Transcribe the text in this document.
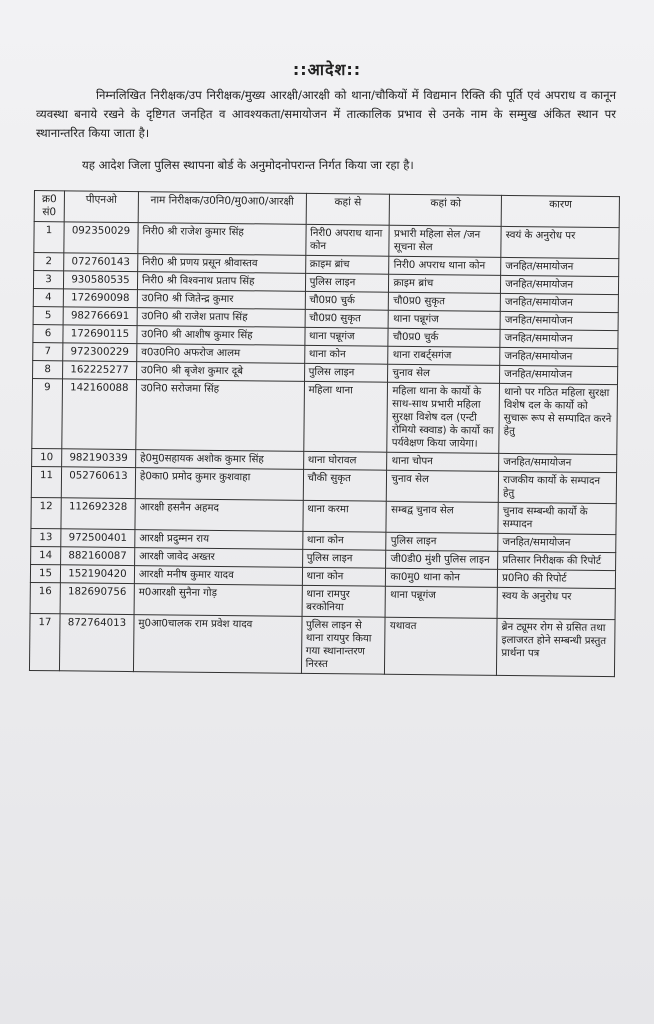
::आदेश::
निम्नलिखित निरीक्षक/उप निरीक्षक/मुख्य आरक्षी/आरक्षी को थाना/चौकियों में विद्यमान रिक्ति की पूर्ति एवं अपराध व कानून व्यवस्था बनाये रखने के दृष्टिगत जनहित व आवश्यकता/समायोजन में तात्कालिक प्रभाव से उनके नाम के सम्मुख अंकित स्थान पर स्थानान्तरित किया जाता है।
यह आदेश जिला पुलिस स्थापना बोर्ड के अनुमोदनोपरान्त निर्गत किया जा रहा है।
क्र0 सं0	पीएनओ	नाम निरीक्षक/उ0नि0/मु0आ0/आरक्षी	कहां से	कहां को	कारण
1	092350029	निरी0 श्री राजेश कुमार सिंह	निरी0 अपराध थाना कोन	प्रभारी महिला सेल /जन सूचना सेल	स्वयं के अनुरोध पर
2	072760143	निरी0 श्री प्रणय प्रसून श्रीवास्तव	क्राइम ब्रांच	निरी0 अपराध थाना कोन	जनहित/समायोजन
3	930580535	निरी0 श्री विश्वनाथ प्रताप सिंह	पुलिस लाइन	क्राइम ब्रांच	जनहित/समायोजन
4	172690098	उ0नि0 श्री जितेन्द्र कुमार	चौ0प्र0 चुर्क	चौ0प्र0 सुकृत	जनहित/समायोजन
5	982766691	उ0नि0 श्री राजेश प्रताप सिंह	चौ0प्र0 सुकृत	थाना पन्नूगंज	जनहित/समायोजन
6	172690115	उ0नि0 श्री आशीष कुमार सिंह	थाना पन्नूगंज	चौ0प्र0 चुर्क	जनहित/समायोजन
7	972300229	व0उ0नि0 अफरोज आलम	थाना कोन	थाना राबर्ट्सगंज	जनहित/समायोजन
8	162225277	उ0नि0 श्री बृजेश कुमार दूबे	पुलिस लाइन	चुनाव सेल	जनहित/समायोजन
9	142160088	उ0नि0 सरोजमा सिंह	महिला थाना	महिला थाना के कार्यो के साथ-साथ प्रभारी महिला सुरक्षा विशेष दल (एन्टी रोमियो स्क्वाड) के कार्यो का पर्यवेक्षण किया जायेगा।	थानो पर गठित महिला सुरक्षा विशेष दल के कार्यो को सुचारू रूप से सम्पादित करने हेतु
10	982190339	हे0मु0सहायक अशोक कुमार सिंह	थाना घोरावल	थाना चोपन	जनहित/समायोजन
11	052760613	हे0का0 प्रमोद कुमार कुशवाहा	चौकी सुकृत	चुनाव सेल	राजकीय कार्यो के सम्पादन हेतु
12	112692328	आरक्षी हसनैन अहमद	थाना करमा	सम्बद्व चुनाव सेल	चुनाव सम्बन्धी कार्यो के सम्पादन
13	972500401	आरक्षी प्रदुम्मन राय	थाना कोन	पुलिस लाइन	जनहित/समायोजन
14	882160087	आरक्षी जावेद अख्तर	पुलिस लाइन	जी0डी0 मुंशी पुलिस लाइन	प्रतिसार निरीक्षक की रिपोर्ट
15	152190420	आरक्षी मनीष कुमार यादव	थाना कोन	का0मु0 थाना कोन	प्र0नि0 की रिपोर्ट
16	182690756	म0आरक्षी सुनैना गोड़	थाना रामपुर बरकोनिया	थाना पन्नूगंज	स्वय के अनुरोध पर
17	872764013	मु0आ0चालक राम प्रवेश यादव	पुलिस लाइन से थाना रायपुर किया गया स्थानान्तरण निरस्त	यथावत	ब्रेन ट्यूमर रोग से ग्रसित तथा इलाजरत होने सम्बन्धी प्रस्तुत प्रार्थना पत्र
